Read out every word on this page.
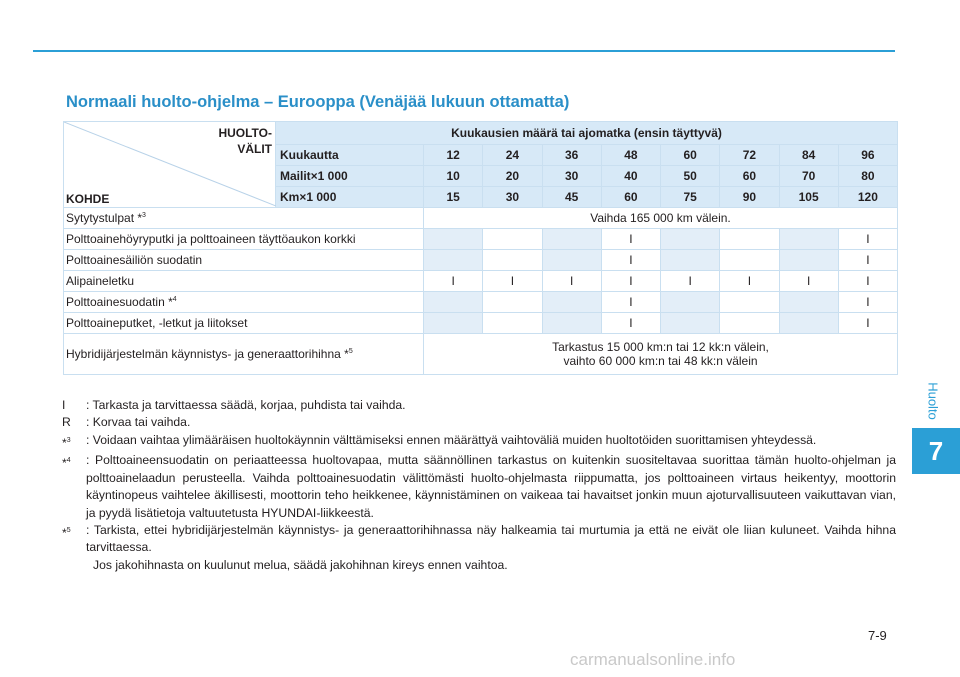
Normaali huolto-ohjelma – Eurooppa (Venäjää lukuun ottamatta)
Huolto
7
HUOLTO-
VÄLIT
KOHDE	Kuukausien määrä tai ajomatka (ensin täyttyvä)								
	Kuukautta	12	24	36	48	60	72	84	96
	Mailit×1 000	10	20	30	40	50	60	70	80
	Km×1 000	15	30	45	60	75	90	105	120
Sytytystulpat *$^3$		Vaihda 165 000 km välein.							
Polttoainehöyryputki ja polttoaineen täyttöaukon korkki					I				I
Polttoainesäiliön suodatin					I				I
Alipaineletku		I	I	I	I	I	I	I	I
Polttoainesuodatin *$^4$					I				I
Polttoaineputket, -letkut ja liitokset					I				I
Hybridijärjestelmän käynnistys- ja generaattorihihna *$^5$		Tarkastus 15 000 km:n tai 12 kk:n välein,
vaihto 60 000 km:n tai 48 kk:n välein							
I	: Tarkasta ja tarvittaessa säädä, korjaa, puhdista tai vaihda.
R	: Korvaa tai vaihda.
*$^3$	: Voidaan vaihtaa ylimääräisen huoltokäynnin välttämiseksi ennen määrättyä vaihtoväliä muiden huoltotöiden suorittamisen yhteydessä.
*$^4$	: Polttoaineensuodatin on periaatteessa huoltovapaa, mutta säännöllinen tarkastus on kuitenkin suositeltavaa suorittaa tämän huolto-ohjelman ja polttoainelaadun perusteella. Vaihda polttoainesuodatin välittömästi huolto-ohjelmasta riippumatta, jos polttoaineen virtaus heikentyy, moottorin käyntinopeus vaihtelee äkillisesti, moottorin teho heikkenee, käynnistäminen on vaikeaa tai havaitset jonkin muun ajoturvallisuuteen vaikuttavan vian, ja pyydä lisätietoja valtuutetusta HYUNDAI-liikkeestä.
*$^5$	: Tarkista, ettei hybridijärjestelmän käynnistys- ja generaattorihihnassa näy halkeamia tai murtumia ja että ne eivät ole liian kuluneet. Vaihda hihna tarvittaessa.
Jos jakohihnasta on kuulunut melua, säädä jakohihnan kireys ennen vaihtoa.
7-9
carmanualsonline.info
